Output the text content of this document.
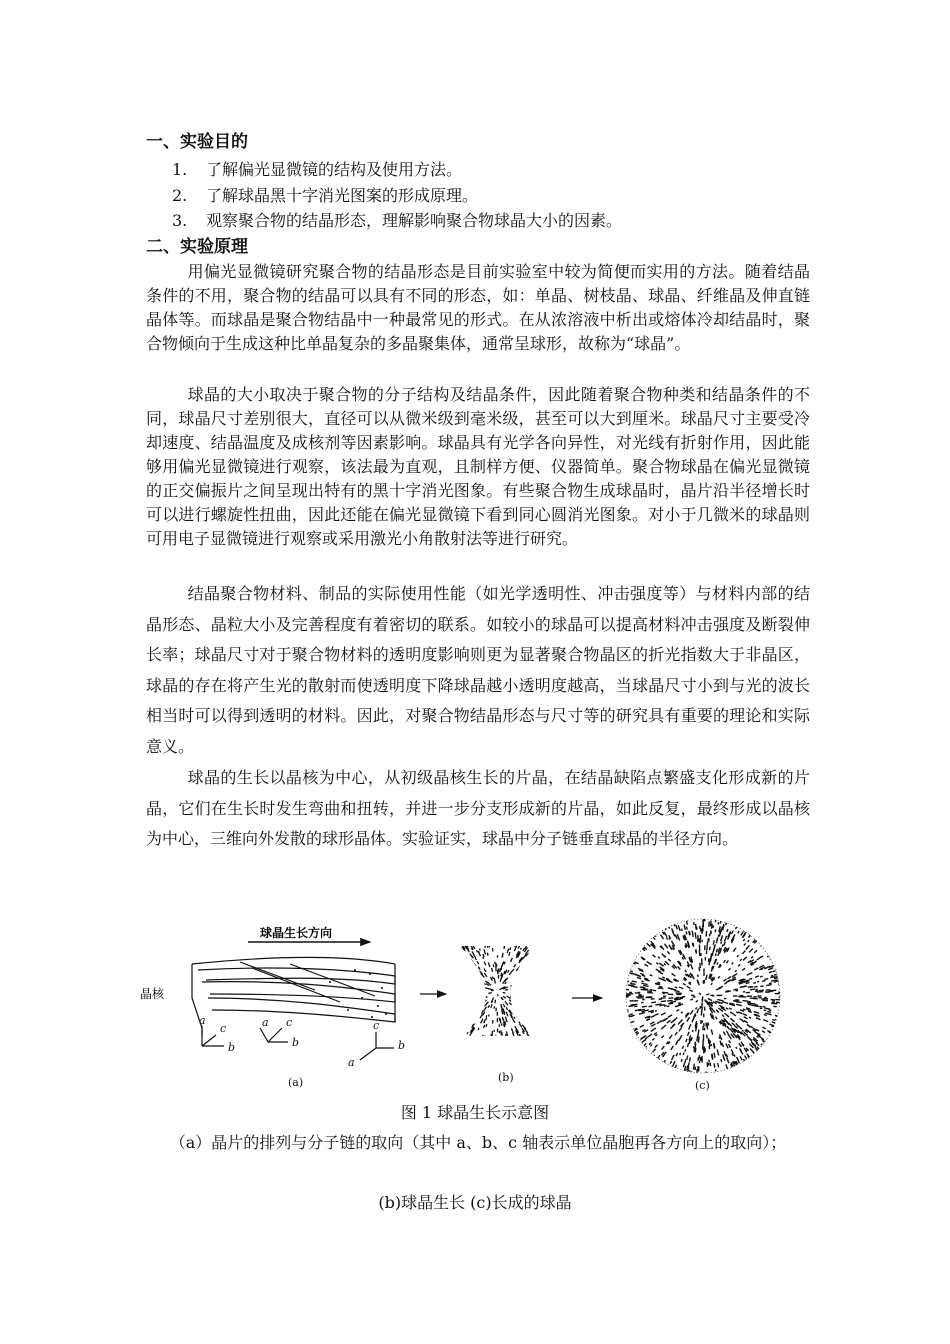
一、实验目的
1. 了解偏光显微镜的结构及使用方法。
2. 了解球晶黑十字消光图案的形成原理。
3. 观察聚合物的结晶形态，理解影响聚合物球晶大小的因素。
二、实验原理

用偏光显微镜研究聚合物的结晶形态是目前实验室中较为简便而实用的方法。随着结晶条件的不用，聚合物的结晶可以具有不同的形态，如：单晶、树枝晶、球晶、纤维晶及伸直链晶体等。而球晶是聚合物结晶中一种最常见的形式。在从浓溶液中析出或熔体冷却结晶时，聚合物倾向于生成这种比单晶复杂的多晶聚集体，通常呈球形，故称为“球晶”。

球晶的大小取决于聚合物的分子结构及结晶条件，因此随着聚合物种类和结晶条件的不同，球晶尺寸差别很大，直径可以从微米级到毫米级，甚至可以大到厘米。球晶尺寸主要受冷却速度、结晶温度及成核剂等因素影响。球晶具有光学各向异性，对光线有折射作用，因此能够用偏光显微镜进行观察，该法最为直观，且制样方便、仪器简单。聚合物球晶在偏光显微镜的正交偏振片之间呈现出特有的黑十字消光图象。有些聚合物生成球晶时，晶片沿半径增长时可以进行螺旋性扭曲，因此还能在偏光显微镜下看到同心圆消光图象。对小于几微米的球晶则可用电子显微镜进行观察或采用激光小角散射法等进行研究。

结晶聚合物材料、制品的实际使用性能（如光学透明性、冲击强度等）与材料内部的结晶形态、晶粒大小及完善程度有着密切的联系。如较小的球晶可以提高材料冲击强度及断裂伸长率；球晶尺寸对于聚合物材料的透明度影响则更为显著聚合物晶区的折光指数大于非晶区，球晶的存在将产生光的散射而使透明度下降球晶越小透明度越高，当球晶尺寸小到与光的波长相当时可以得到透明的材料。因此，对聚合物结晶形态与尺寸等的研究具有重要的理论和实际意义。

球晶的生长以晶核为中心，从初级晶核生长的片晶，在结晶缺陷点繁盛支化形成新的片晶，它们在生长时发生弯曲和扭转，并进一步分支形成新的片晶，如此反复，最终形成以晶核为中心，三维向外发散的球形晶体。实验证实，球晶中分子链垂直球晶的半径方向。

球晶生长方向
晶核
a
c
b
a c
b
a
c
b
(a)	(b)
(c)

图 1 球晶生长示意图

（a）晶片的排列与分子链的取向（其中 a、b、c 轴表示单位晶胞再各方向上的取向）；

(b)球晶生长 (c)长成的球晶
